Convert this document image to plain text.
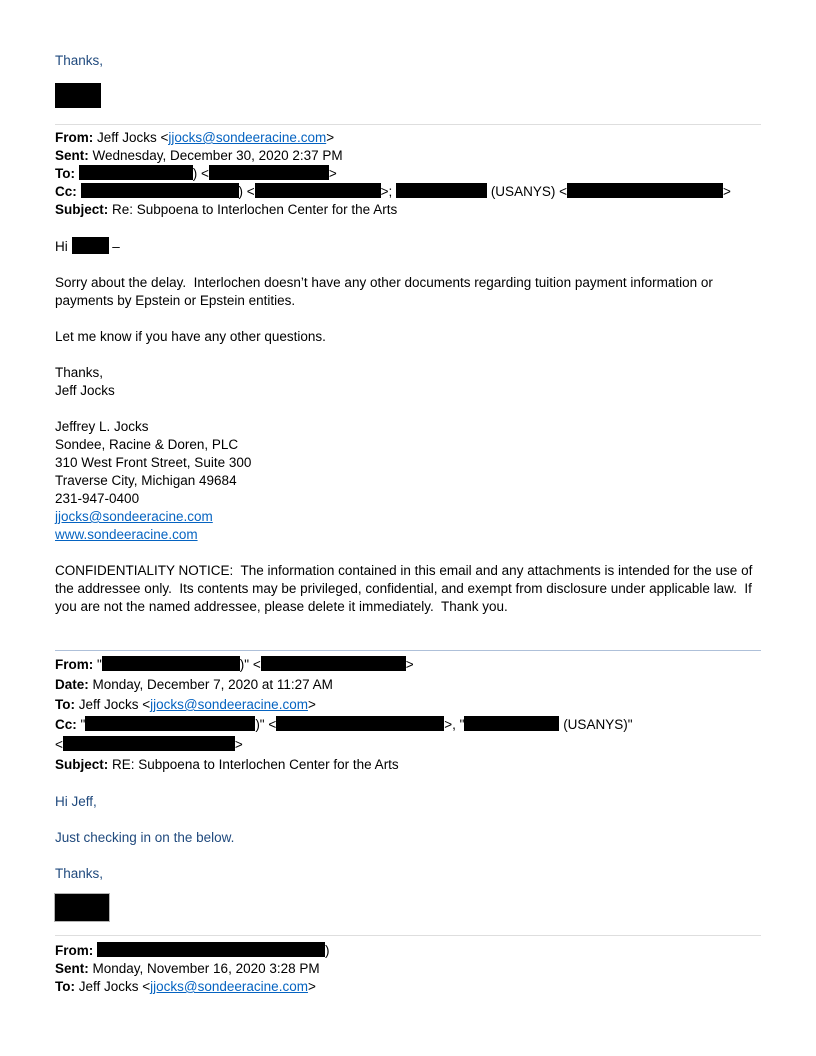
Thanks,
From: Jeff Jocks <jjocks@sondeeracine.com>
Sent: Wednesday, December 30, 2020 2:37 PM
To:	) <	>
Cc:	) <	>;	(USANYS) <	>
Subject: Re: Subpoena to Interlochen Center for the Arts
Hi	–
Sorry about the delay.  Interlochen doesn’t have any other documents regarding tuition payment information or payments by Epstein or Epstein entities.
Let me know if you have any other questions.
Thanks,
Jeff Jocks
Jeffrey L. Jocks
Sondee, Racine & Doren, PLC
310 West Front Street, Suite 300
Traverse City, Michigan 49684
231-947-0400
jjocks@sondeeracine.com
www.sondeeracine.com
CONFIDENTIALITY NOTICE:  The information contained in this email and any attachments is intended for the use of the addressee only.  Its contents may be privileged, confidential, and exempt from disclosure under applicable law.  If you are not the named addressee, please delete it immediately.  Thank you.
From: "	)" <	>
Date: Monday, December 7, 2020 at 11:27 AM
To: Jeff Jocks <jjocks@sondeeracine.com>
Cc: "	)" <	>, "	(USANYS)"
<	>
Subject: RE: Subpoena to Interlochen Center for the Arts
Hi Jeff,
Just checking in on the below.
Thanks,
From:	)
Sent: Monday, November 16, 2020 3:28 PM
To: Jeff Jocks <jjocks@sondeeracine.com>
